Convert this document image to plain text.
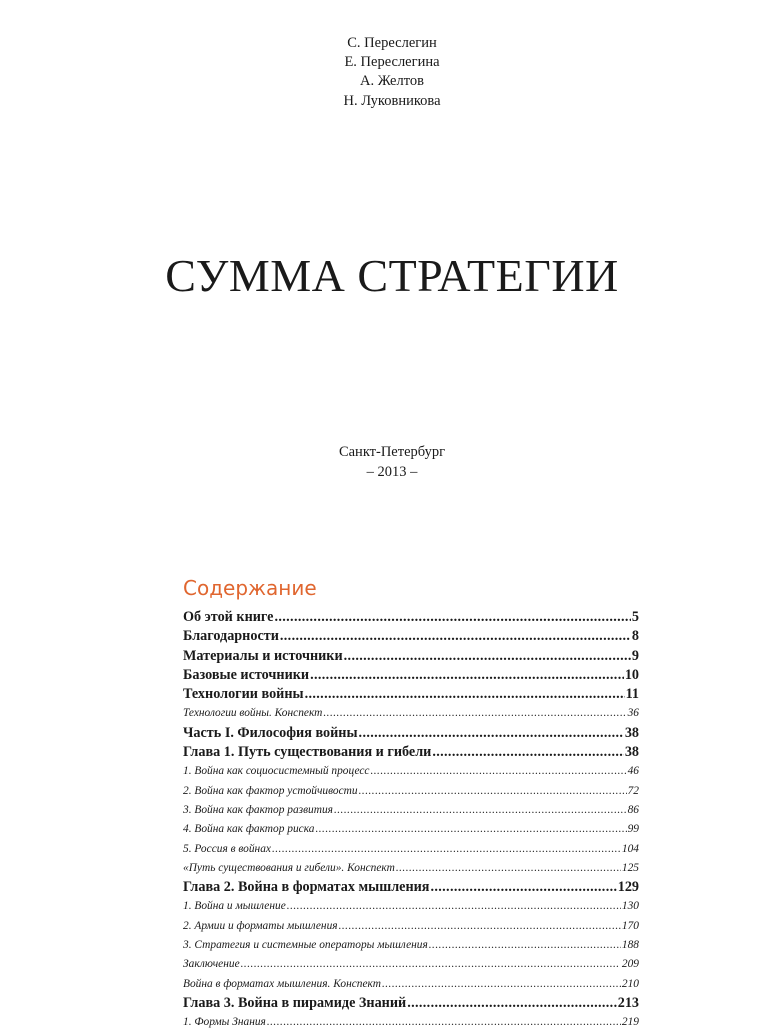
С. Переслегин
Е. Переслегина
А. Желтов
Н. Луковникова
СУММА СТРАТЕГИИ
Санкт-Петербург
– 2013 –
Содержание
Об этой книге . . .	5
Благодарности . . .	8
Материалы и источники . . .	9
Базовые источники . . .	10
Технологии войны . . .	11
Технологии войны. Конспект . . .	36
Часть I. Философия войны . . .	38
Глава 1. Путь существования и гибели . . .	38
1. Война как социосистемный процесс . . .	46
2. Война как фактор устойчивости . . .	72
3. Война как фактор развития . . .	86
4. Война как фактор риска . . .	99
5. Россия в войнах . . .	104
«Путь существования и гибели». Конспект . . .	125
Глава 2. Война в форматах мышления . . .	129
1. Война и мышление . . .	130
2. Армии и форматы мышления . . .	170
3. Стратегия и системные операторы мышления . . .	188
Заключение . . .	209
Война в форматах мышления. Конспект . . .	210
Глава 3. Война в пирамиде Знаний . . .	213
1. Формы Знания . . .	219
